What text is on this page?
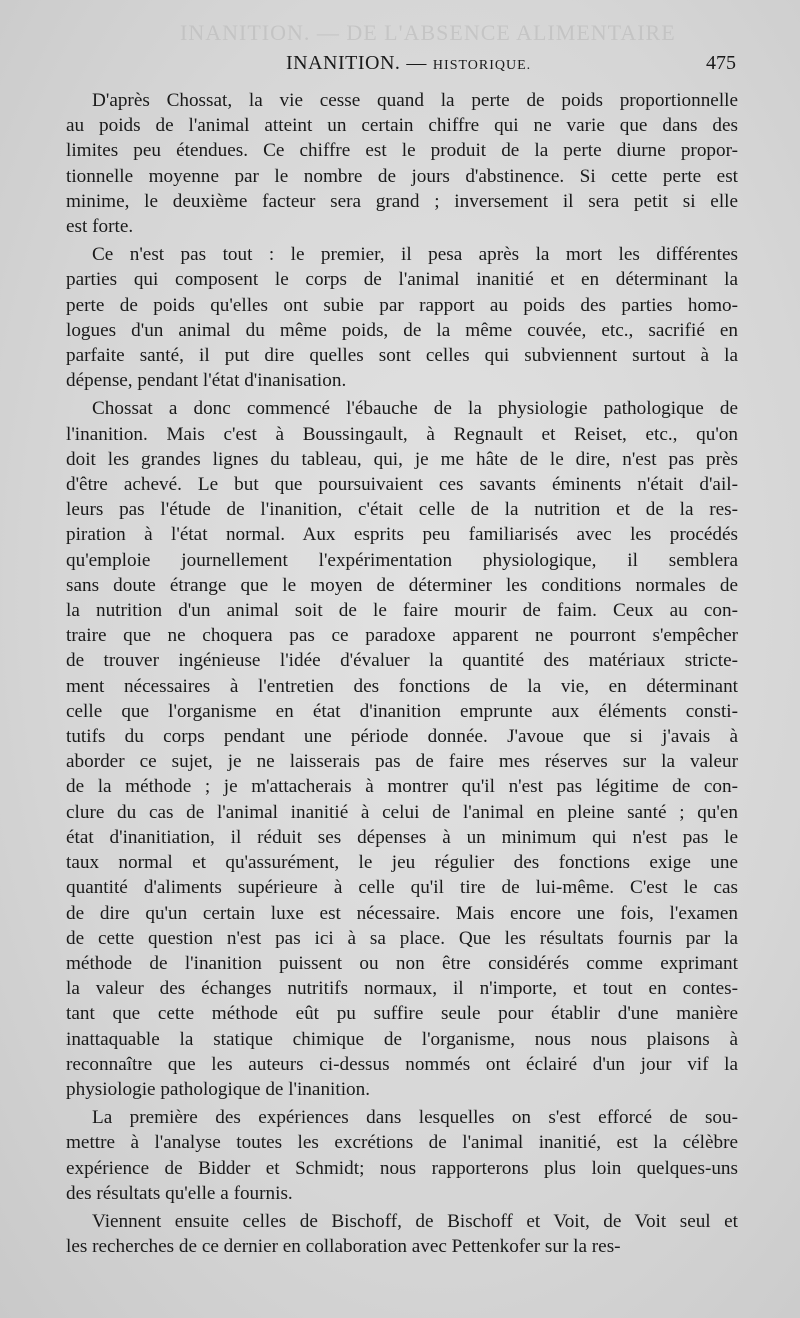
INANITION. — DE L'ABSENCE ALIMENTAIRE
INANITION. — HISTORIQUE.	475
D'après Chossat, la vie cesse quand la perte de poids proportionnelle
au poids de l'animal atteint un certain chiffre qui ne varie que dans des
limites peu étendues. Ce chiffre est le produit de la perte diurne propor-
tionnelle moyenne par le nombre de jours d'abstinence. Si cette perte est
minime, le deuxième facteur sera grand ; inversement il sera petit si elle
est forte.
Ce n'est pas tout : le premier, il pesa après la mort les différentes
parties qui composent le corps de l'animal inanitié et en déterminant la
perte de poids qu'elles ont subie par rapport au poids des parties homo-
logues d'un animal du même poids, de la même couvée, etc., sacrifié en
parfaite santé, il put dire quelles sont celles qui subviennent surtout à la
dépense, pendant l'état d'inanisation.
Chossat a donc commencé l'ébauche de la physiologie pathologique de
l'inanition. Mais c'est à Boussingault, à Regnault et Reiset, etc., qu'on
doit les grandes lignes du tableau, qui, je me hâte de le dire, n'est pas près
d'être achevé. Le but que poursuivaient ces savants éminents n'était d'ail-
leurs pas l'étude de l'inanition, c'était celle de la nutrition et de la res-
piration à l'état normal. Aux esprits peu familiarisés avec les procédés
qu'emploie journellement l'expérimentation physiologique, il semblera
sans doute étrange que le moyen de déterminer les conditions normales de
la nutrition d'un animal soit de le faire mourir de faim. Ceux au con-
traire que ne choquera pas ce paradoxe apparent ne pourront s'empêcher
de trouver ingénieuse l'idée d'évaluer la quantité des matériaux stricte-
ment nécessaires à l'entretien des fonctions de la vie, en déterminant
celle que l'organisme en état d'inanition emprunte aux éléments consti-
tutifs du corps pendant une période donnée. J'avoue que si j'avais à
aborder ce sujet, je ne laisserais pas de faire mes réserves sur la valeur
de la méthode ; je m'attacherais à montrer qu'il n'est pas légitime de con-
clure du cas de l'animal inanitié à celui de l'animal en pleine santé ; qu'en
état d'inanitiation, il réduit ses dépenses à un minimum qui n'est pas le
taux normal et qu'assurément, le jeu régulier des fonctions exige une
quantité d'aliments supérieure à celle qu'il tire de lui-même. C'est le cas
de dire qu'un certain luxe est nécessaire. Mais encore une fois, l'examen
de cette question n'est pas ici à sa place. Que les résultats fournis par la
méthode de l'inanition puissent ou non être considérés comme exprimant
la valeur des échanges nutritifs normaux, il n'importe, et tout en contes-
tant que cette méthode eût pu suffire seule pour établir d'une manière
inattaquable la statique chimique de l'organisme, nous nous plaisons à
reconnaître que les auteurs ci-dessus nommés ont éclairé d'un jour vif la
physiologie pathologique de l'inanition.
La première des expériences dans lesquelles on s'est efforcé de sou-
mettre à l'analyse toutes les excrétions de l'animal inanitié, est la célèbre
expérience de Bidder et Schmidt; nous rapporterons plus loin quelques-uns
des résultats qu'elle a fournis.
Viennent ensuite celles de Bischoff, de Bischoff et Voit, de Voit seul et
les recherches de ce dernier en collaboration avec Pettenkofer sur la res-
